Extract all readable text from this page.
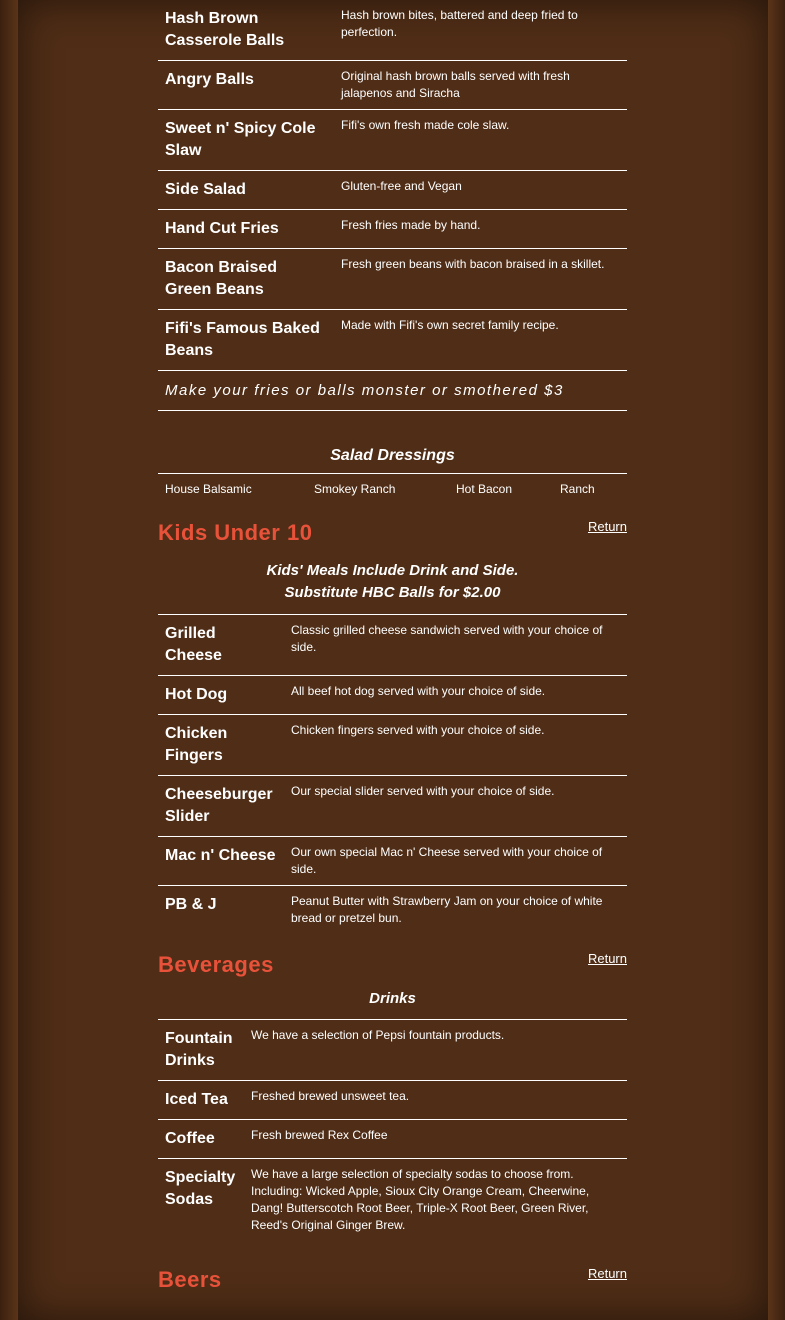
Hash Brown Casserole Balls	Hash brown bites, battered and deep fried to perfection.
Angry Balls	Original hash brown balls served with fresh jalapenos and Siracha
Sweet n' Spicy Cole Slaw	Fifi's own fresh made cole slaw.
Side Salad	Gluten-free and Vegan
Hand Cut Fries	Fresh fries made by hand.
Bacon Braised Green Beans	Fresh green beans with bacon braised in a skillet.
Fifi's Famous Baked Beans	Made with Fifi's own secret family recipe.
Make your fries or balls monster or smothered $3	
Salad Dressings
House Balsamic	Smokey Ranch	Hot Bacon	Ranch
Kids Under 10	Return
Kids' Meals Include Drink and Side.
Substitute HBC Balls for $2.00
Grilled Cheese	Classic grilled cheese sandwich served with your choice of side.
Hot Dog	All beef hot dog served with your choice of side.
Chicken Fingers	Chicken fingers served with your choice of side.
Cheeseburger Slider	Our special slider served with your choice of side.
Mac n' Cheese	Our own special Mac n' Cheese served with your choice of side.
PB & J	Peanut Butter with Strawberry Jam on your choice of white bread or pretzel bun.
Beverages	Return
Drinks
Fountain Drinks	We have a selection of Pepsi fountain products.
Iced Tea	Freshed brewed unsweet tea.
Coffee	Fresh brewed Rex Coffee
Specialty Sodas	We have a large selection of specialty sodas to choose from. Including: Wicked Apple, Sioux City Orange Cream, Cheerwine, Dang! Butterscotch Root Beer, Triple-X Root Beer, Green River, Reed's Original Ginger Brew.
Beers	Return
